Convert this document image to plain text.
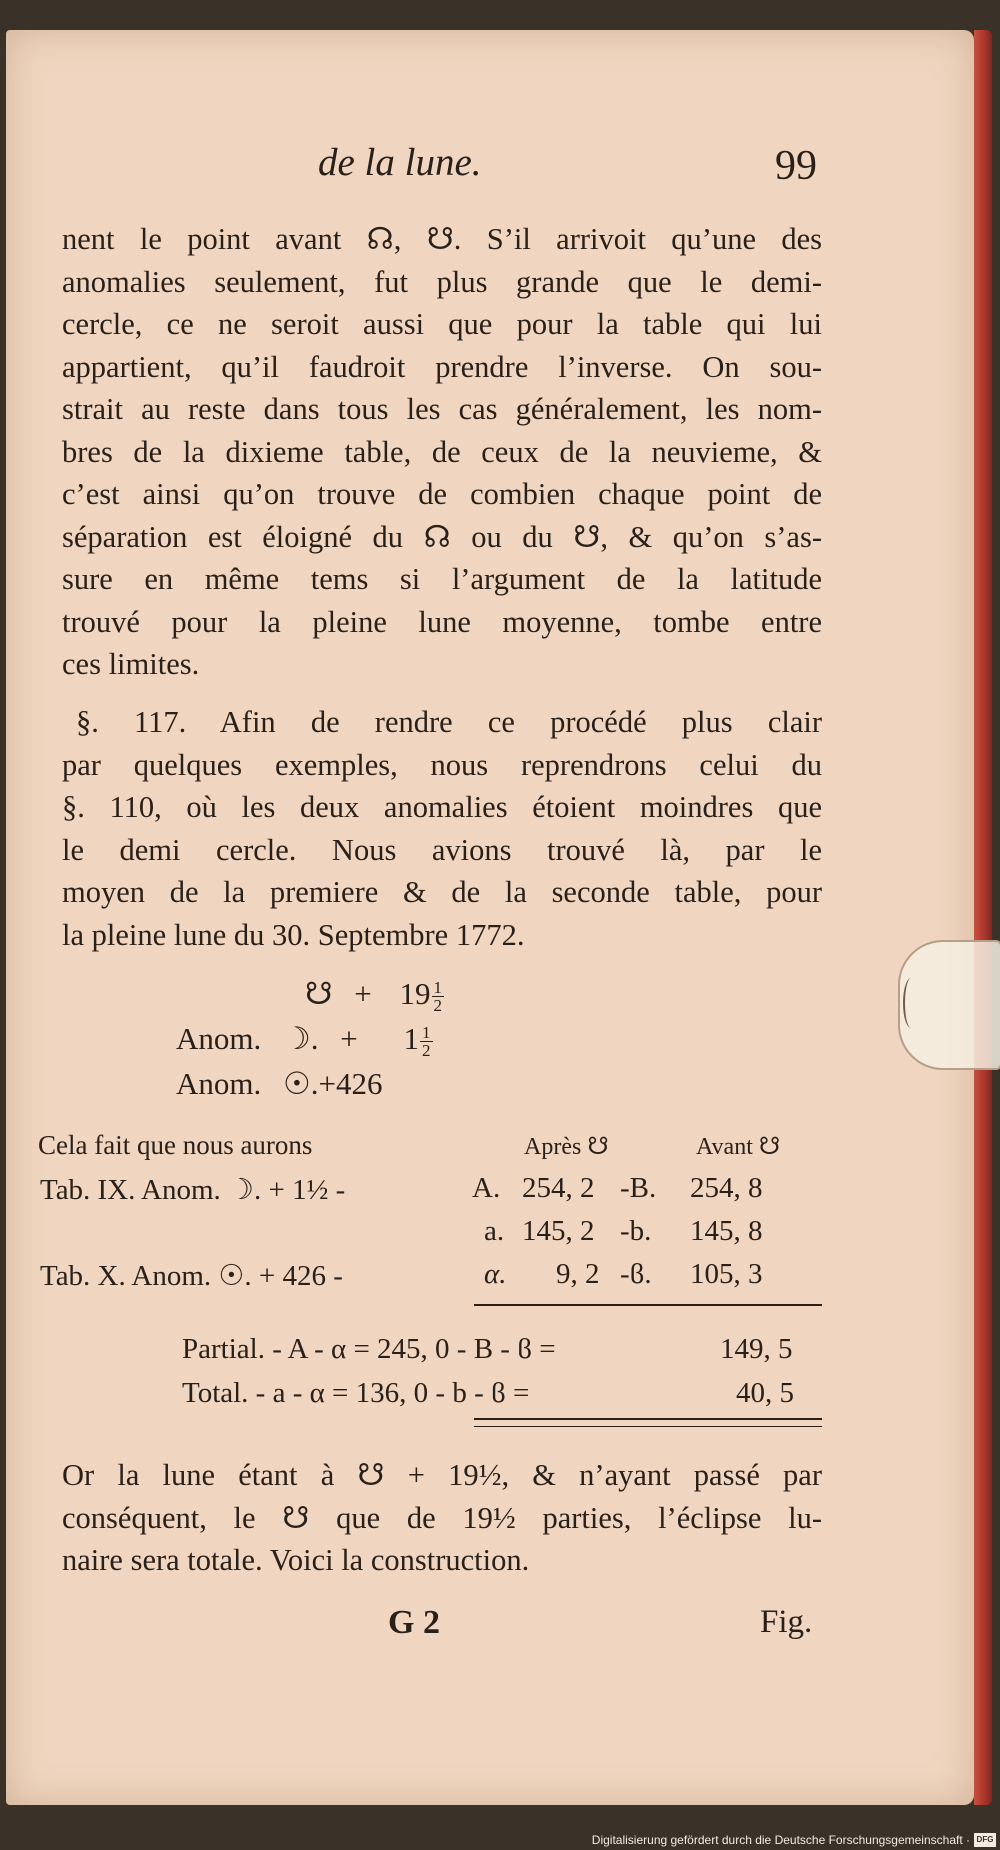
de la lune.	99
nent le point avant ☊, ☋. S’il arrivoit qu’une des
anomalies seulement, fut plus grande que le demi-
cercle, ce ne seroit aussi que pour la table qui lui
appartient, qu’il faudroit prendre l’inverse. On sou-
strait au reste dans tous les cas généralement, les nom-
bres de la dixieme table, de ceux de la neuvieme, &
c’est ainsi qu’on trouve de combien chaque point de
séparation est éloigné du ☊ ou du ☋, & qu’on s’as-
sure en même tems si l’argument de la latitude
trouvé pour la pleine lune moyenne, tombe entre
ces limites.
§. 117. Afin de rendre ce procédé plus clair
par quelques exemples, nous reprendrons celui du
§. 110, où les deux anomalies étoient moindres que
le demi cercle. Nous avions trouvé là, par le
moyen de la premiere & de la seconde table, pour
la pleine lune du 30. Septembre 1772.
☋ + $19 \frac{1}{2}$
Anom. ☽. + $1 \frac{1}{2}$
Anom. ☉.+426
Cela fait que nous aurons	Après ☋	Avant ☋
Tab. IX. Anom. ☽. + 1½ -	A. 254, 2 -B. 254, 8
a. 145, 2 -b. 145, 8
Tab. X. Anom. ☉. + 426 -	α. 9, 2 -ϐ. 105, 3
Partial. - A - α = 245, 0 - B - ϐ =	149, 5
Total. - a - α = 136, 0 - b - ϐ =	40, 5
Or la lune étant à ☋ + 19½, & n’ayant passé par
conséquent, le ☋ que de 19½ parties, l’éclipse lu-
naire sera totale. Voici la construction.
G 2	Fig.
Digitalisierung gefördert durch die Deutsche Forschungsgemeinschaft · DFG
